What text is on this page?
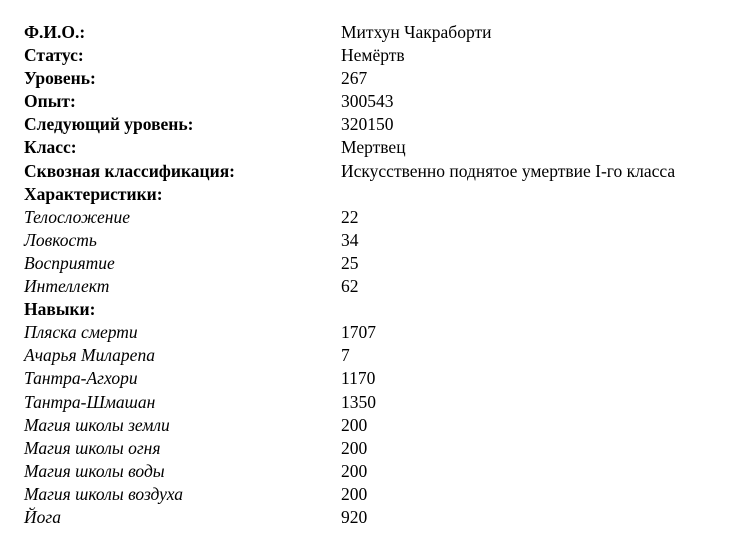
Ф.И.О.:	Митхун Чакраборти
Статус:	Немёртв
Уровень:	267
Опыт:	300543
Следующий уровень:	320150
Класс:	Мертвец
Сквозная классификация:	Искусственно поднятое умертвие I-го класса
Характеристики:
Телосложение	22
Ловкость	34
Восприятие	25
Интеллект	62
Навыки:
Пляска смерти	1707
Ачарья Миларепа	7
Тантра-Агхори	1170
Тантра-Шмашан	1350
Магия школы земли	200
Магия школы огня	200
Магия школы воды	200
Магия школы воздуха	200
Йога	920
